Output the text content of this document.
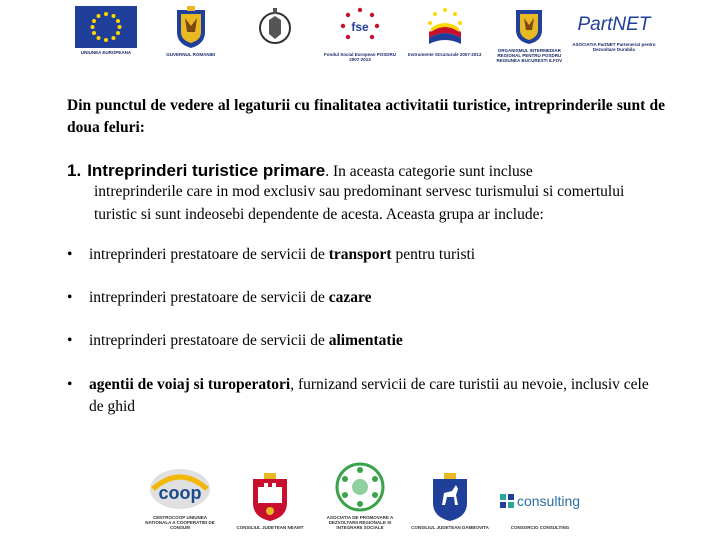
UNIUNEA EUROPEANA	GUVERNUL ROMANIEI
fse
Fondul Social European POSDRU 2007-2013
Instrumente Structurale 2007-2013
ORGANISMUL INTERMEDIAR REGIONAL PENTRU POSDRU REGIUNEA BUCURESTI ILFOV
PartNET
ASOCIATIA PartNET Parteneriat pentru Dezvoltare Durabila
Din punctul de vedere al legaturii cu finalitatea activitatii turistice, intreprinderile sunt de doua feluri:
1. Intreprinderi turistice primare. In aceasta categorie sunt incluse
intreprinderile care in mod exclusiv sau predominant servesc turismului si comertului turistic si sunt indeosebi dependente de acesta. Aceasta grupa ar include:
•	intreprinderi prestatoare de servicii de transport pentru turisti
•	intreprinderi prestatoare de servicii de cazare
•	intreprinderi prestatoare de servicii de alimentatie
•	agentii de voiaj si turoperatori, furnizand servicii de care turistii au nevoie, inclusiv cele de ghid
coop
CENTROCOOP UNIUNEA NATIONALA A COOPERATIEI DE CONSUM	CONSILIUL JUDETEAN NEAMT
ASOCIATIA DE PROMOVARE A DEZVOLTARII REGIONALE SI INTEGRARII SOCIALE	CONSILIUL JUDETEAN DAMBOVITA
consulting
CONSORCIO CONSULTING
